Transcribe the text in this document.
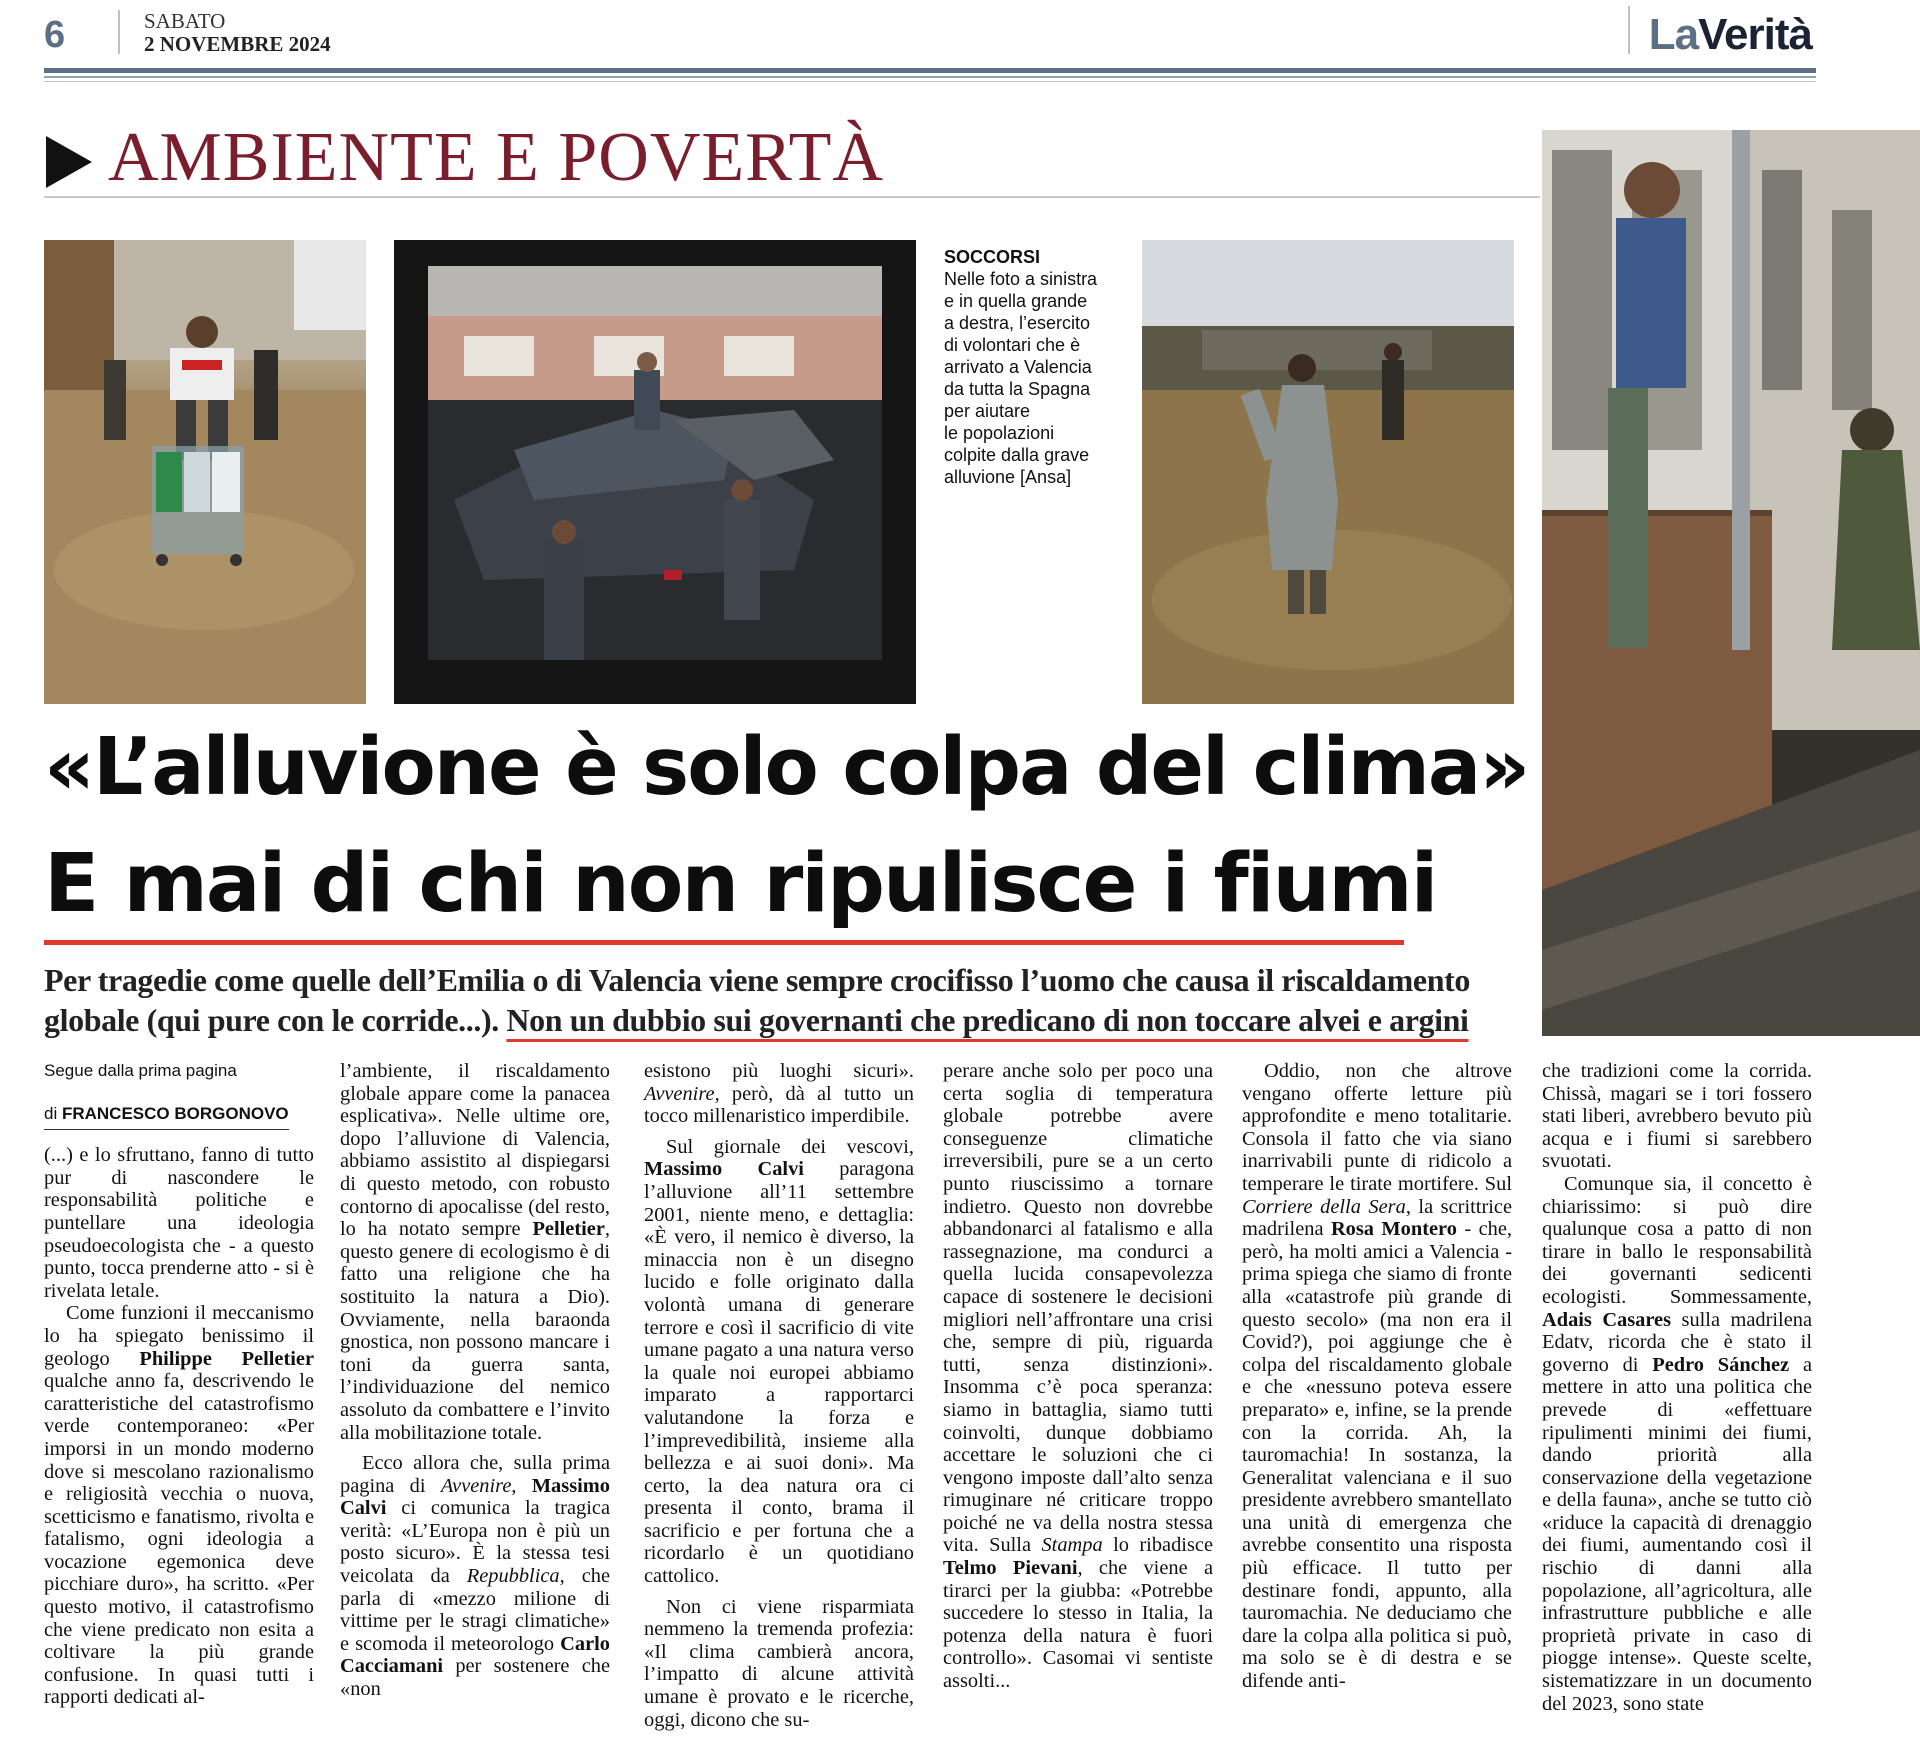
6	SABATO
2 NOVEMBRE 2024	LaVerità
AMBIENTE E POVERTÀ
SOCCORSI
Nelle foto a sinistra
e in quella grande
a destra, l’esercito
di volontari che è
arrivato a Valencia
da tutta la Spagna
per aiutare
le popolazioni
colpite dalla grave
alluvione [Ansa]
«L’alluvione è solo colpa del clima»
E mai di chi non ripulisce i fiumi
Per tragedie come quelle dell’Emilia o di Valencia viene sempre crocifisso l’uomo che causa il riscaldamento
globale (qui pure con le corride...). Non un dubbio sui governanti che predicano di non toccare alvei e argini

Segue dalla prima pagina

di FRANCESCO BORGONOVO

(...) e lo sfruttano, fanno di tutto pur di nascondere le responsabilità politiche e puntellare una ideologia pseudoecologista che - a questo punto, tocca prenderne atto - si è rivelata letale.

Come funzioni il meccanismo lo ha spiegato benissimo il geologo Philippe Pelletier qualche anno fa, descrivendo le caratteristiche del catastrofismo verde contemporaneo: «Per imporsi in un mondo moderno dove si mescolano razionalismo e religiosità vecchia o nuova, scetticismo e fanatismo, rivolta e fatalismo, ogni ideologia a vocazione egemonica deve picchiare duro», ha scritto. «Per questo motivo, il catastrofismo che viene predicato non esita a coltivare la più grande confusione. In quasi tutti i rapporti dedicati al-

l’ambiente, il riscaldamento globale appare come la panacea esplicativa». Nelle ultime ore, dopo l’alluvione di Valencia, abbiamo assistito al dispiegarsi di questo metodo, con robusto contorno di apocalisse (del resto, lo ha notato sempre Pelletier, questo genere di ecologismo è di fatto una religione che ha sostituito la natura a Dio). Ovviamente, nella baraonda gnostica, non possono mancare i toni da guerra santa, l’individuazione del nemico assoluto da combattere e l’invito alla mobilitazione totale.

Ecco allora che, sulla prima pagina di Avvenire, Massimo Calvi ci comunica la tragica verità: «L’Europa non è più un posto sicuro». È la stessa tesi veicolata da Repubblica, che parla di «mezzo milione di vittime per le stragi climatiche» e scomoda il meteorologo Carlo Cacciamani per sostenere che «non

esistono più luoghi sicuri». Avvenire, però, dà al tutto un tocco millenaristico imperdibile.

Sul giornale dei vescovi, Massimo Calvi paragona l’alluvione all’11 settembre 2001, niente meno, e dettaglia: «È vero, il nemico è diverso, la minaccia non è un disegno lucido e folle originato dalla volontà umana di generare terrore e così il sacrificio di vite umane pagato a una natura verso la quale noi europei abbiamo imparato a rapportarci valutandone la forza e l’imprevedibilità, insieme alla bellezza e ai suoi doni». Ma certo, la dea natura ora ci presenta il conto, brama il sacrificio e per fortuna che a ricordarlo è un quotidiano cattolico.

Non ci viene risparmiata nemmeno la tremenda profezia: «Il clima cambierà ancora, l’impatto di alcune attività umane è provato e le ricerche, oggi, dicono che su-

perare anche solo per poco una certa soglia di temperatura globale potrebbe avere conseguenze climatiche irreversibili, pure se a un certo punto riuscissimo a tornare indietro. Questo non dovrebbe abbandonarci al fatalismo e alla rassegnazione, ma condurci a quella lucida consapevolezza capace di sostenere le decisioni migliori nell’affrontare una crisi che, sempre di più, riguarda tutti, senza distinzioni». Insomma c’è poca speranza: siamo in battaglia, siamo tutti coinvolti, dunque dobbiamo accettare le soluzioni che ci vengono imposte dall’alto senza rimuginare né criticare troppo poiché ne va della nostra stessa vita. Sulla Stampa lo ribadisce Telmo Pievani, che viene a tirarci per la giubba: «Potrebbe succedere lo stesso in Italia, la potenza della natura è fuori controllo». Casomai vi sentiste assolti...

Oddio, non che altrove vengano offerte letture più approfondite e meno totalitarie. Consola il fatto che via siano inarrivabili punte di ridicolo a temperare le tirate mortifere. Sul Corriere della Sera, la scrittrice madrilena Rosa Montero - che, però, ha molti amici a Valencia - prima spiega che siamo di fronte alla «catastrofe più grande di questo secolo» (ma non era il Covid?), poi aggiunge che è colpa del riscaldamento globale e che «nessuno poteva essere preparato» e, infine, se la prende con la corrida. Ah, la tauromachia! In sostanza, la Generalitat valenciana e il suo presidente avrebbero smantellato una unità di emergenza che avrebbe consentito una risposta più efficace. Il tutto per destinare fondi, appunto, alla tauromachia. Ne deduciamo che dare la colpa alla politica si può, ma solo se è di destra e se difende anti-

che tradizioni come la corrida. Chissà, magari se i tori fossero stati liberi, avrebbero bevuto più acqua e i fiumi si sarebbero svuotati.

Comunque sia, il concetto è chiarissimo: si può dire qualunque cosa a patto di non tirare in ballo le responsabilità dei governanti sedicenti ecologisti. Sommessamente, Adais Casares sulla madrilena Edatv, ricorda che è stato il governo di Pedro Sánchez a mettere in atto una politica che prevede di «effettuare ripulimenti minimi dei fiumi, dando priorità alla conservazione della vegetazione e della fauna», anche se tutto ciò «riduce la capacità di drenaggio dei fiumi, aumentando così il rischio di danni alla popolazione, all’agricoltura, alle infrastrutture pubbliche e alle proprietà private in caso di piogge intense». Queste scelte, sistematizzare in un documento del 2023, sono state
